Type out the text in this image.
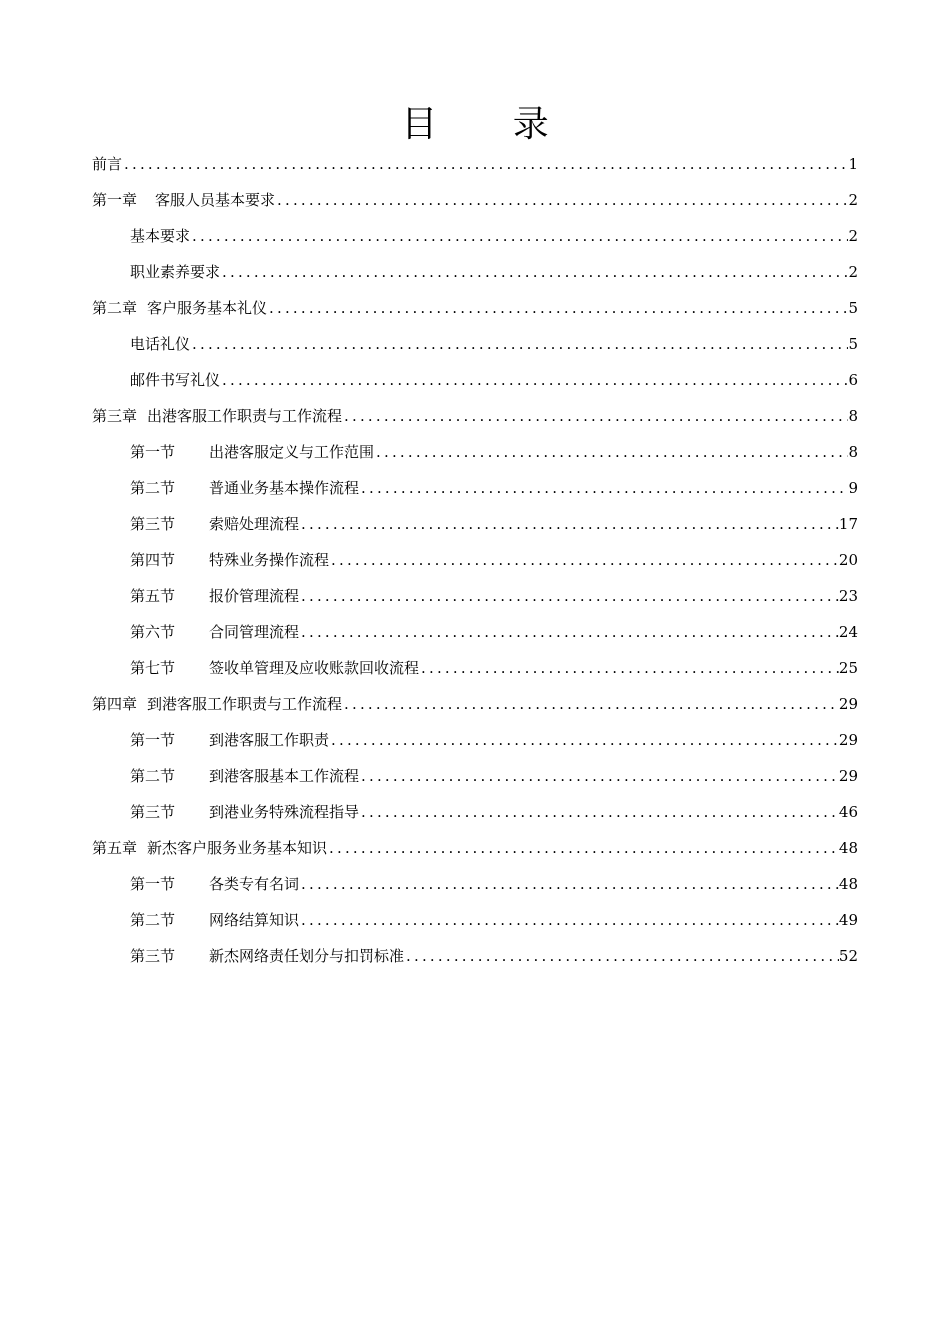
目 录
前言 .....	1
第一章 客服人员基本要求 .....	2
基本要求 .....	2
职业素养要求 .....	2
第二章 客户服务基本礼仪 .....	5
电话礼仪 .....	5
邮件书写礼仪 .....	6
第三章 出港客服工作职责与工作流程 .....	8
第一节	出港客服定义与工作范围 .....	8
第二节	普通业务基本操作流程 .....	9
第三节	索赔处理流程 .....	17
第四节	特殊业务操作流程 .....	20
第五节	报价管理流程 .....	23
第六节	合同管理流程 .....	24
第七节	签收单管理及应收账款回收流程 .....	25
第四章 到港客服工作职责与工作流程 .....	29
第一节	到港客服工作职责 .....	29
第二节	到港客服基本工作流程 .....	29
第三节	到港业务特殊流程指导 .....	46
第五章 新杰客户服务业务基本知识 .....	48
第一节	各类专有名词 .....	48
第二节	网络结算知识 .....	49
第三节	新杰网络责任划分与扣罚标准 .....	52
